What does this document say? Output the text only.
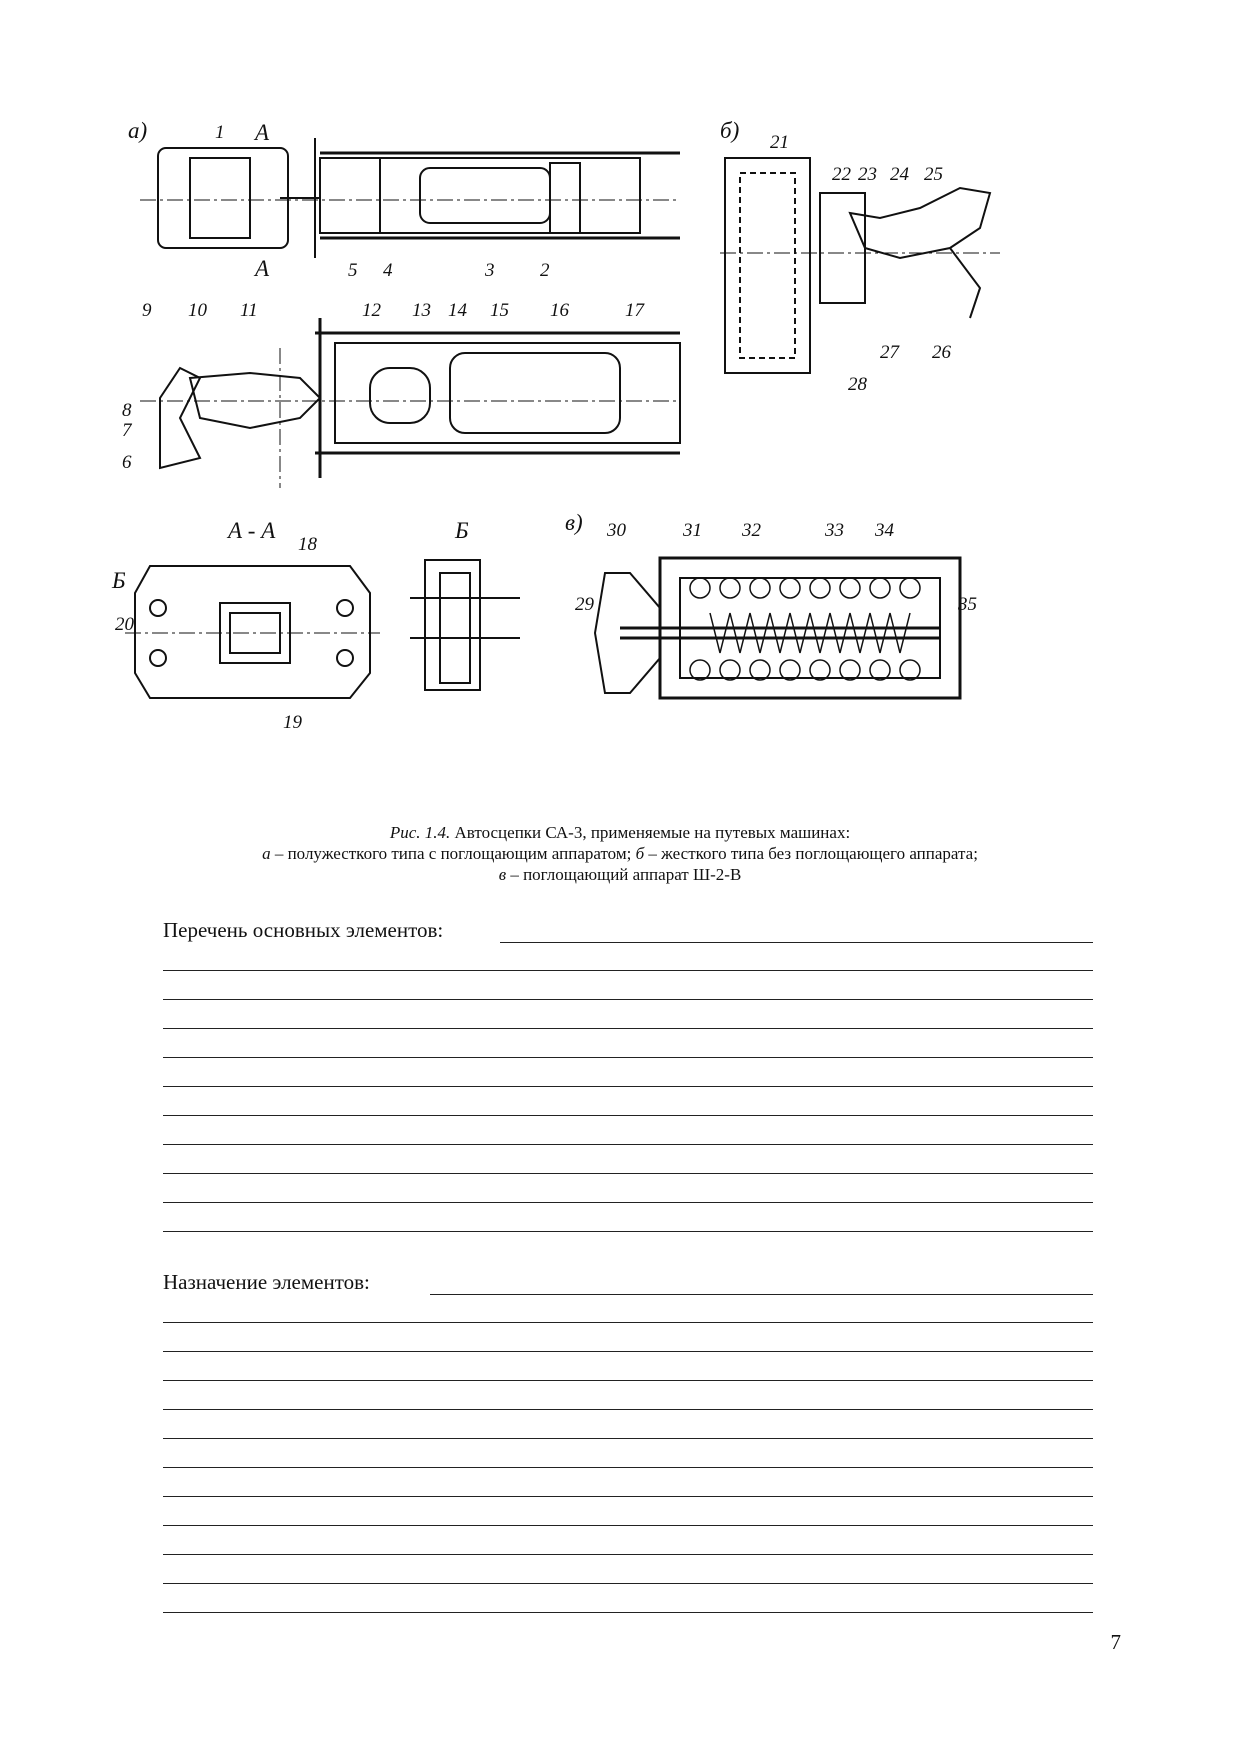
а)	б)
в)
А - А	Б
А
А
Б
1
2
3
4
5
6
7
8
9 10 11	12 13 14 15 16	17
18
19
20
21
22 23 24 25
26
27
28
29
30	31 32	33 34
35
Рис. 1.4. Автосцепки СА-3, применяемые на путевых машинах:
а – полужесткого типа с поглощающим аппаратом; б – жесткого типа без поглощающего аппарата;
в – поглощающий аппарат Ш-2-В
Перечень основных элементов:
Назначение элементов:
7
